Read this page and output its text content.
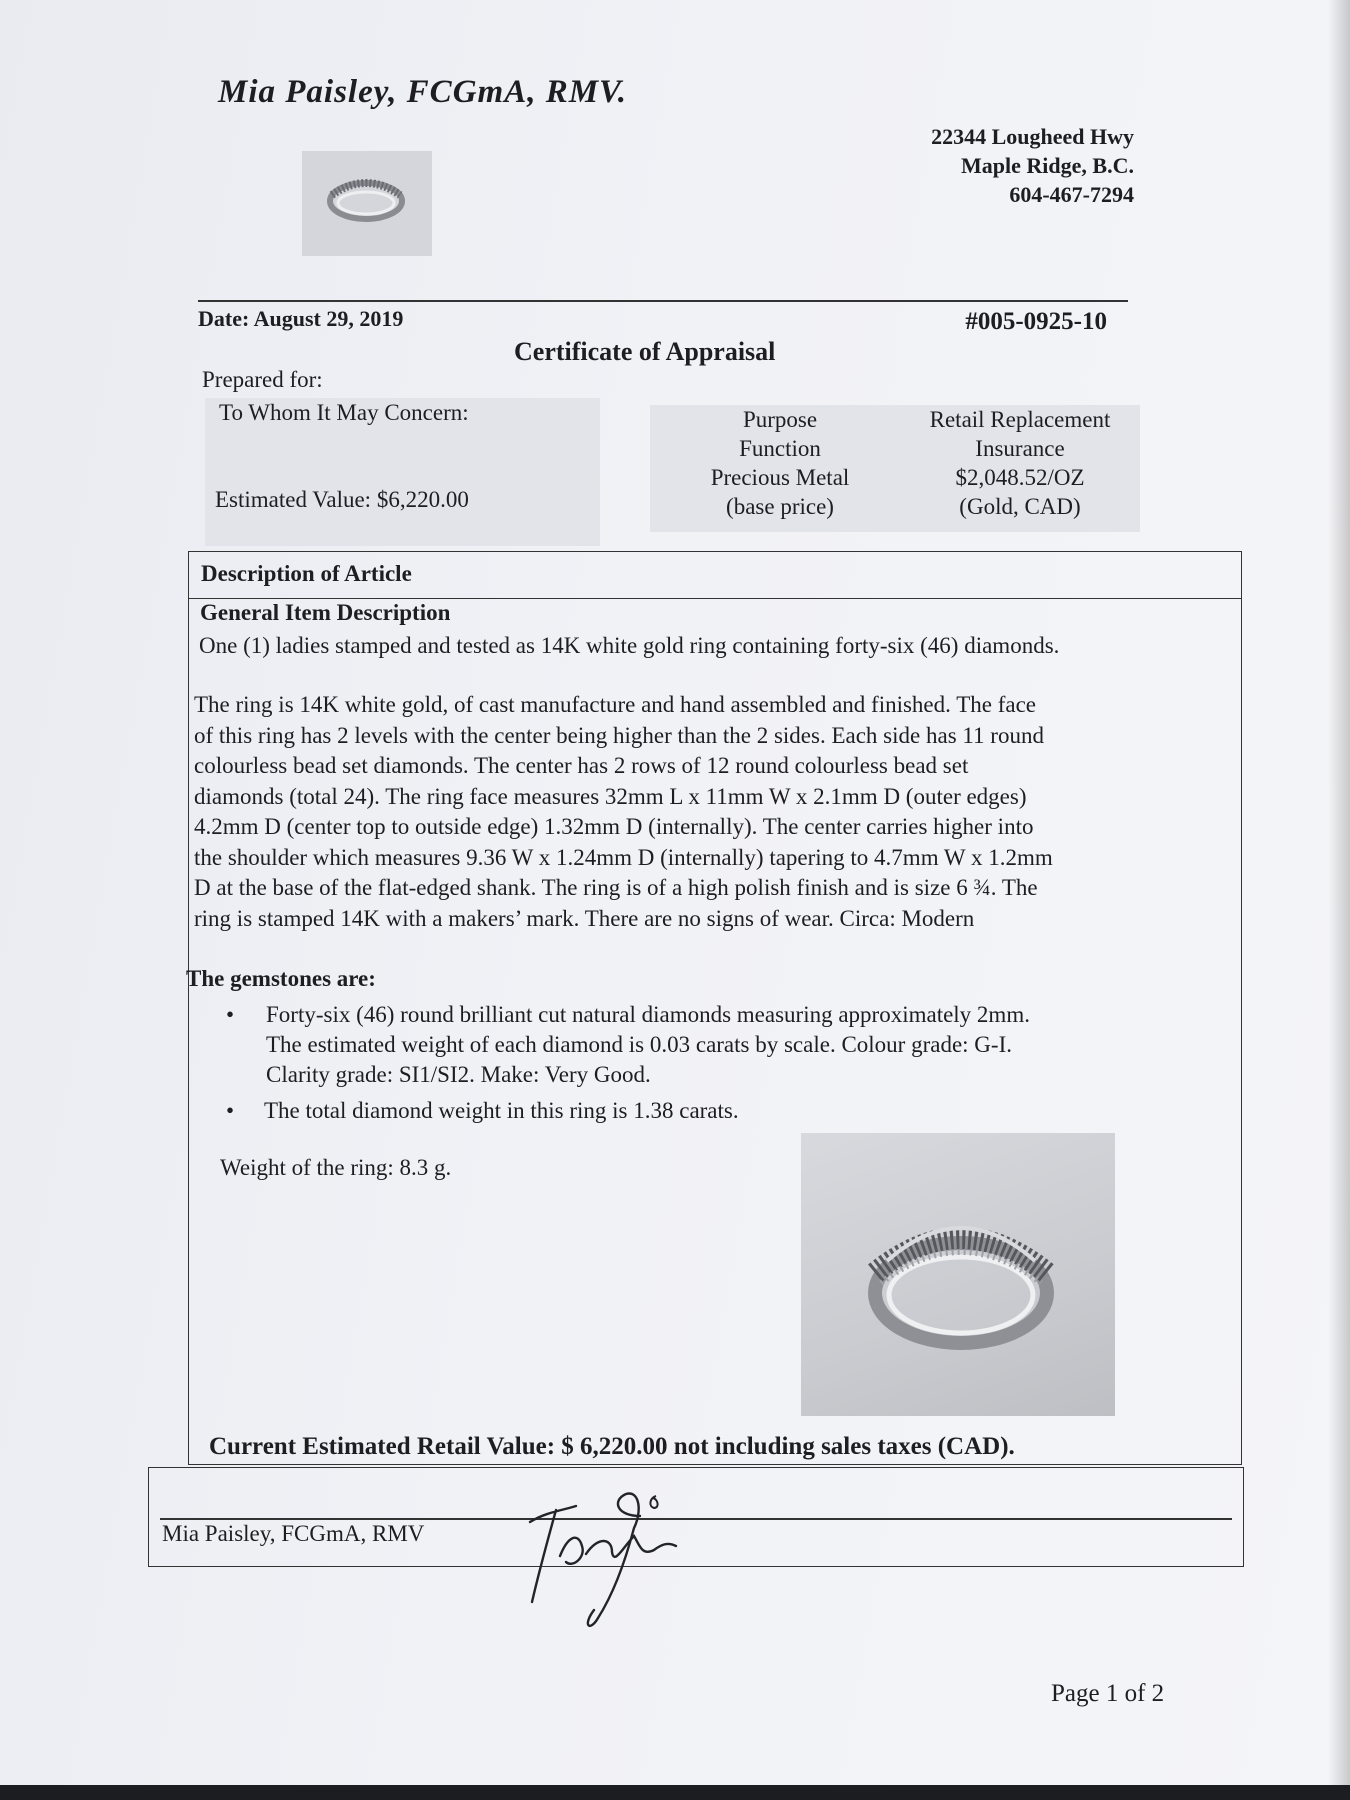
Mia Paisley, FCGmA, RMV.
22344 Lougheed Hwy
Maple Ridge, B.C.
604-467-7294
Date: August 29, 2019	#005-0925-10
Certificate of Appraisal
Prepared for:
To Whom It May Concern:
Estimated Value: $6,220.00
Purpose
Function
Precious Metal
(base price)
Retail Replacement
Insurance
$2,048.52/OZ
(Gold, CAD)
Description of Article
General Item Description
One (1) ladies stamped and tested as 14K white gold ring containing forty-six (46) diamonds.
The ring is 14K white gold, of cast manufacture and hand assembled and finished. The face
of this ring has 2 levels with the center being higher than the 2 sides. Each side has 11 round
colourless bead set diamonds. The center has 2 rows of 12 round colourless bead set
diamonds (total 24). The ring face measures 32mm L x 11mm W x 2.1mm D (outer edges)
4.2mm D (center top to outside edge) 1.32mm D (internally). The center carries higher into
the shoulder which measures 9.36 W x 1.24mm D (internally) tapering to 4.7mm W x 1.2mm
D at the base of the flat-edged shank. The ring is of a high polish finish and is size 6 ¾. The
ring is stamped 14K with a makers’ mark. There are no signs of wear. Circa: Modern
The gemstones are:
• Forty-six (46) round brilliant cut natural diamonds measuring approximately 2mm.
The estimated weight of each diamond is 0.03 carats by scale. Colour grade: G-I.
Clarity grade: SI1/SI2. Make: Very Good.
• The total diamond weight in this ring is 1.38 carats.
Weight of the ring: 8.3 g.
Current Estimated Retail Value: $ 6,220.00 not including sales taxes (CAD).
Mia Paisley, FCGmA, RMV
Page 1 of 2
